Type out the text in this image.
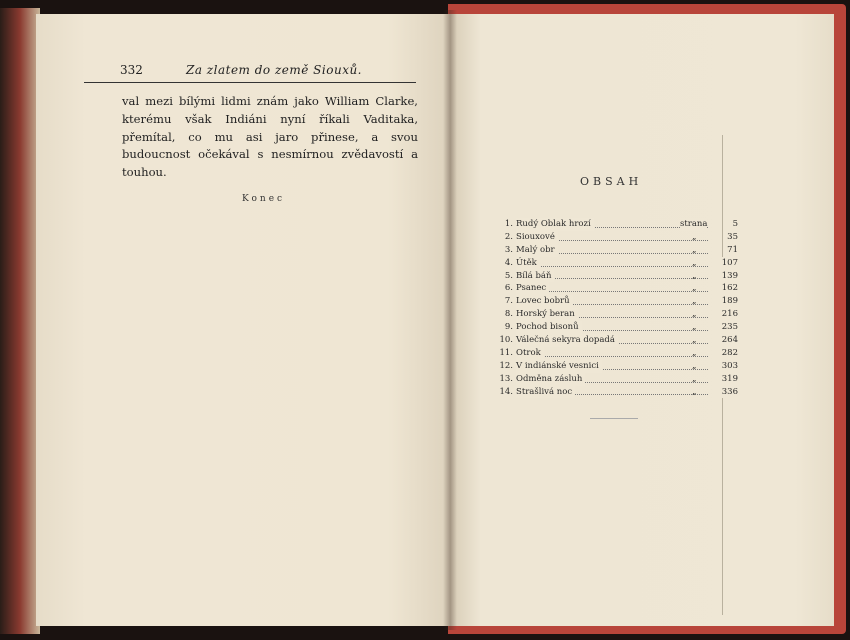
332	Za zlatem do země Siouxů.
val mezi bílými lidmi znám jako William Clarke, kterému však Indiáni nyní říkali Vaditaka, přemítal, co mu asi jaro přinese, a svou budoucnost očekával s nesmírnou zvědavostí a touhou.
Konec
OBSAH
1. Rudý Oblak hrozí	strana	5
2. Siouxové	„	35
3. Malý obr	„	71
4. Útěk	„	107
5. Bílá báň	„	139
6. Psanec	„	162
7. Lovec bobrů	„	189
8. Horský beran	„	216
9. Pochod bisonů	„	235
10. Válečná sekyra dopadá	„	264
11. Otrok	„	282
12. V indiánské vesnici	„	303
13. Odměna zásluh	„	319
14. Strašlivá noc	„	336
